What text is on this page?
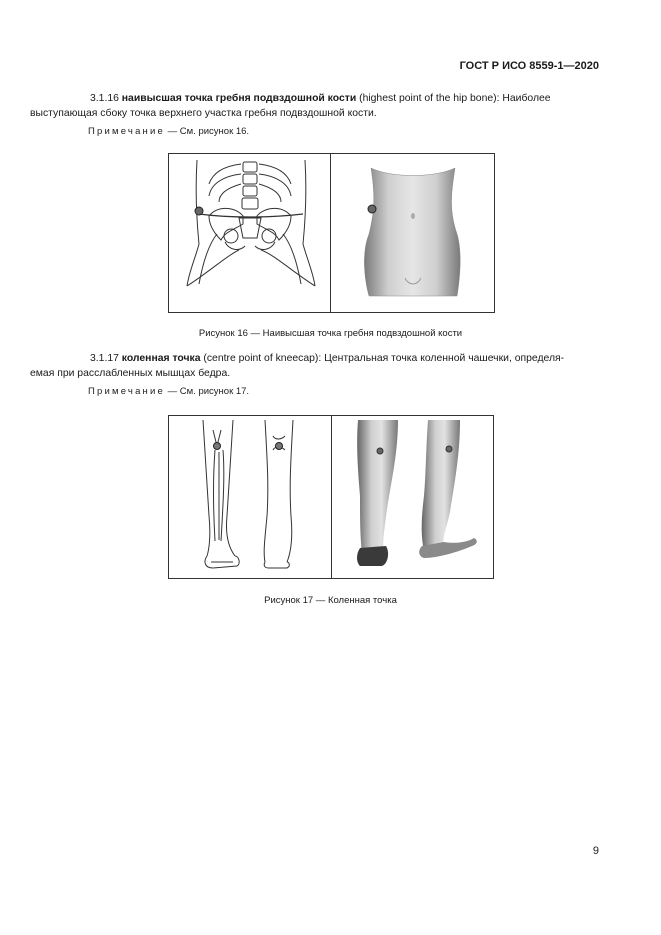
ГОСТ Р ИСО 8559-1—2020
3.1.16 наивысшая точка гребня подвздошной кости (highest point of the hip bone): Наиболее
выступающая сбоку точка верхнего участка гребня подвздошной кости.
Примечание — См. рисунок 16.
Рисунок 16 — Наивысшая точка гребня подвздошной кости
3.1.17 коленная точка (centre point of kneecap): Центральная точка коленной чашечки, определя-
емая при расслабленных мышцах бедра.
Примечание — См. рисунок 17.
Рисунок 17 — Коленная точка
9
